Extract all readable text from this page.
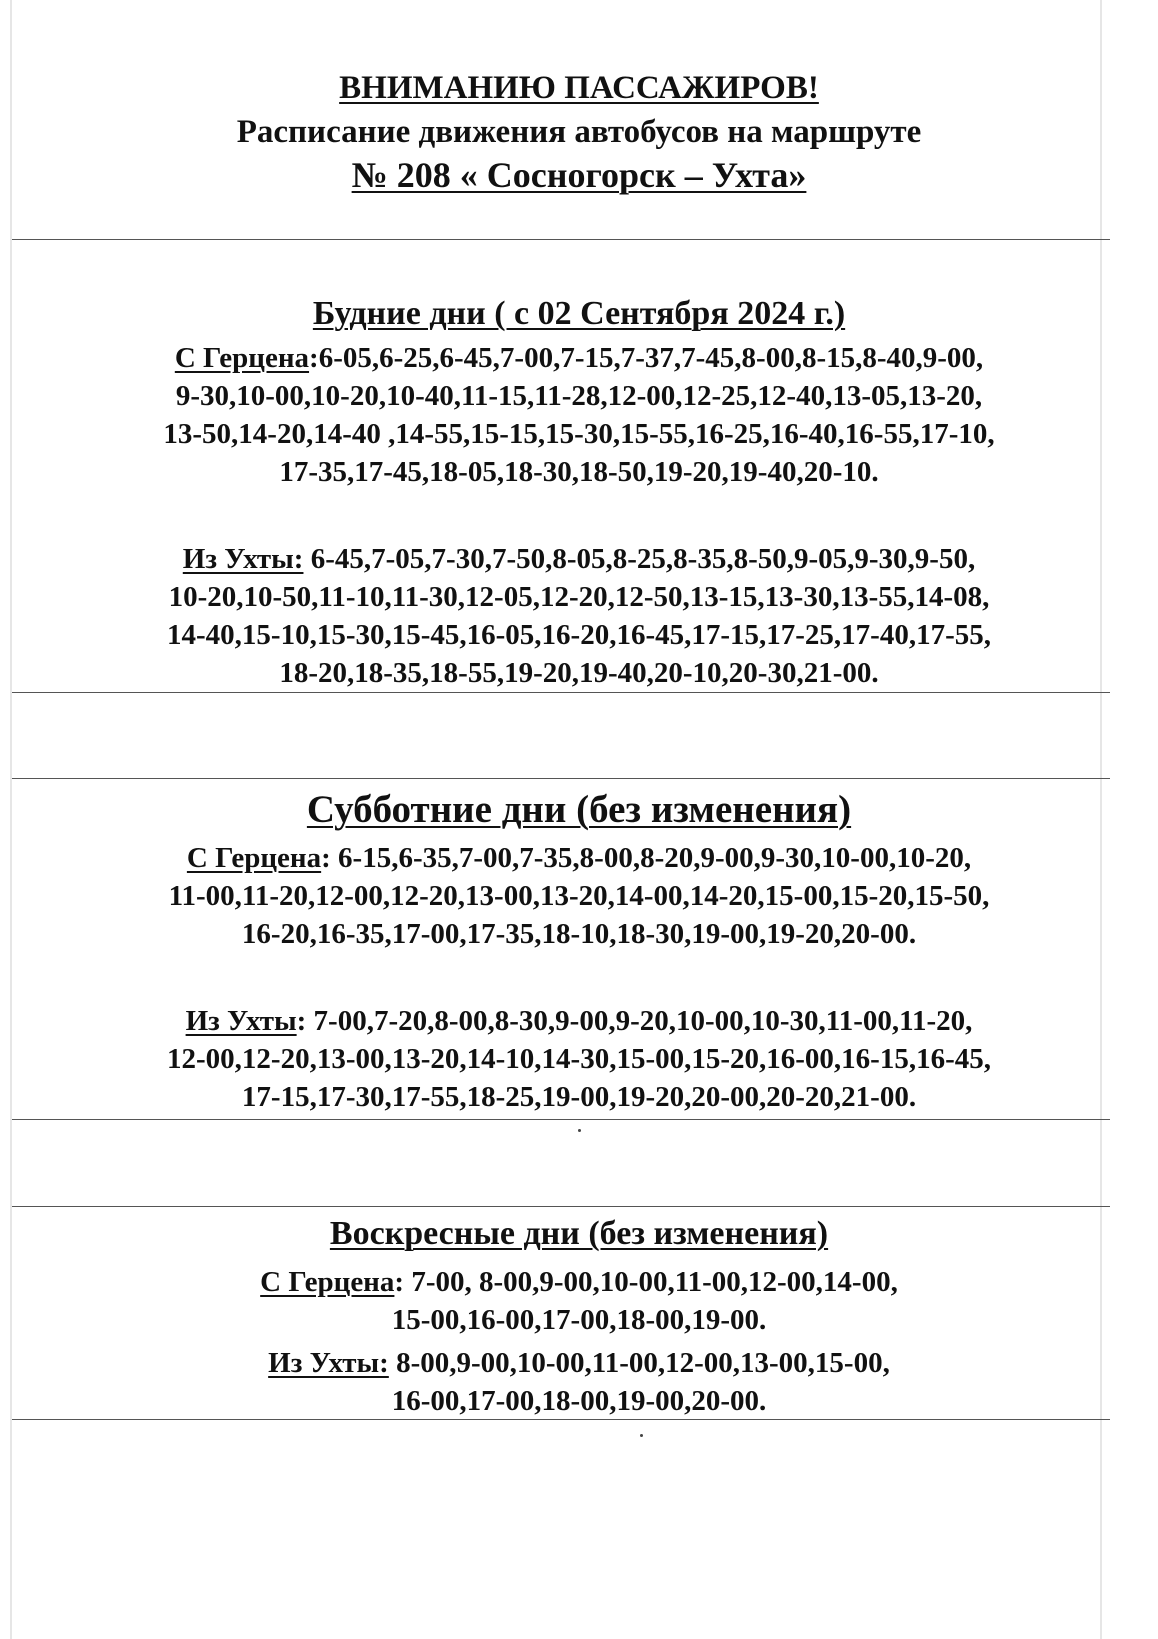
ВНИМАНИЮ ПАССАЖИРОВ!
Расписание движения автобусов на маршруте
№ 208 « Сосногорск – Ухта»
Будние дни ( с 02 Сентября 2024 г.)
С Герцена:6-05,6-25,6-45,7-00,7-15,7-37,7-45,8-00,8-15,8-40,9-00,
9-30,10-00,10-20,10-40,11-15,11-28,12-00,12-25,12-40,13-05,13-20,
13-50,14-20,14-40 ,14-55,15-15,15-30,15-55,16-25,16-40,16-55,17-10,
17-35,17-45,18-05,18-30,18-50,19-20,19-40,20-10.
Из Ухты: 6-45,7-05,7-30,7-50,8-05,8-25,8-35,8-50,9-05,9-30,9-50,
10-20,10-50,11-10,11-30,12-05,12-20,12-50,13-15,13-30,13-55,14-08,
14-40,15-10,15-30,15-45,16-05,16-20,16-45,17-15,17-25,17-40,17-55,
18-20,18-35,18-55,19-20,19-40,20-10,20-30,21-00.
Субботние дни (без изменения)
С Герцена: 6-15,6-35,7-00,7-35,8-00,8-20,9-00,9-30,10-00,10-20,
11-00,11-20,12-00,12-20,13-00,13-20,14-00,14-20,15-00,15-20,15-50,
16-20,16-35,17-00,17-35,18-10,18-30,19-00,19-20,20-00.
Из Ухты: 7-00,7-20,8-00,8-30,9-00,9-20,10-00,10-30,11-00,11-20,
12-00,12-20,13-00,13-20,14-10,14-30,15-00,15-20,16-00,16-15,16-45,
17-15,17-30,17-55,18-25,19-00,19-20,20-00,20-20,21-00.
Воскресные дни (без изменения)
С Герцена: 7-00, 8-00,9-00,10-00,11-00,12-00,14-00,
15-00,16-00,17-00,18-00,19-00.
Из Ухты: 8-00,9-00,10-00,11-00,12-00,13-00,15-00,
16-00,17-00,18-00,19-00,20-00.
